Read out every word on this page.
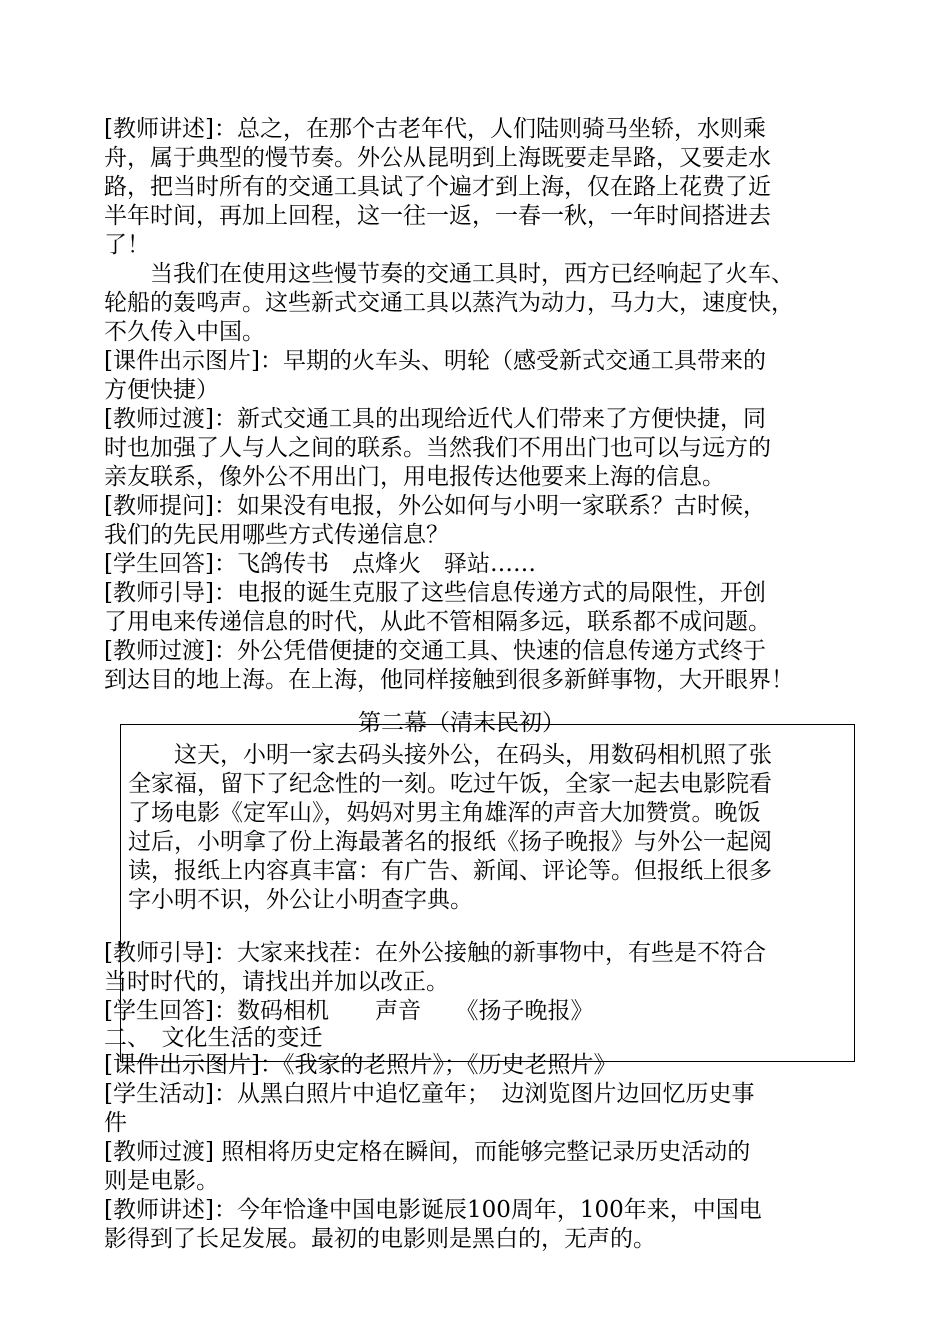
[教师讲述]：总之，在那个古老年代，人们陆则骑马坐轿，水则乘
舟，属于典型的慢节奏。外公从昆明到上海既要走旱路，又要走水
路，把当时所有的交通工具试了个遍才到上海，仅在路上花费了近
半年时间，再加上回程，这一往一返，一春一秋，一年时间搭进去
了！
　　当我们在使用这些慢节奏的交通工具时，西方已经响起了火车、
轮船的轰鸣声。这些新式交通工具以蒸汽为动力，马力大，速度快，
不久传入中国。
[课件出示图片]：早期的火车头、明轮（感受新式交通工具带来的
方便快捷）
[教师过渡]：新式交通工具的出现给近代人们带来了方便快捷，同
时也加强了人与人之间的联系。当然我们不用出门也可以与远方的
亲友联系，像外公不用出门，用电报传达他要来上海的信息。
[教师提问]：如果没有电报，外公如何与小明一家联系？古时候，
我们的先民用哪些方式传递信息？
[学生回答]：飞鸽传书　点烽火　驿站……
[教师引导]：电报的诞生克服了这些信息传递方式的局限性，开创
了用电来传递信息的时代，从此不管相隔多远，联系都不成问题。
[教师过渡]：外公凭借便捷的交通工具、快速的信息传递方式终于
到达目的地上海。在上海，他同样接触到很多新鲜事物，大开眼界！
第二幕（清末民初）
　　这天，小明一家去码头接外公，在码头，用数码相机照了张
全家福，留下了纪念性的一刻。吃过午饭，全家一起去电影院看
了场电影《定军山》，妈妈对男主角雄浑的声音大加赞赏。晚饭
过后，小明拿了份上海最著名的报纸《扬子晚报》与外公一起阅
读，报纸上内容真丰富：有广告、新闻、评论等。但报纸上很多
字小明不识，外公让小明查字典。
[教师引导]：大家来找茬：在外公接触的新事物中，有些是不符合
当时时代的，请找出并加以改正。
[学生回答]：数码相机　　声音　　《扬子晚报》
二、　文化生活的变迁
[课件出示图片]：《我家的老照片》；《历史老照片》
[学生活动]：从黑白照片中追忆童年；　边浏览图片边回忆历史事
件
[教师过渡] 照相将历史定格在瞬间，而能够完整记录历史活动的
则是电影。
[教师讲述]：今年恰逢中国电影诞辰100周年，100年来，中国电
影得到了长足发展。最初的电影则是黑白的，无声的。
